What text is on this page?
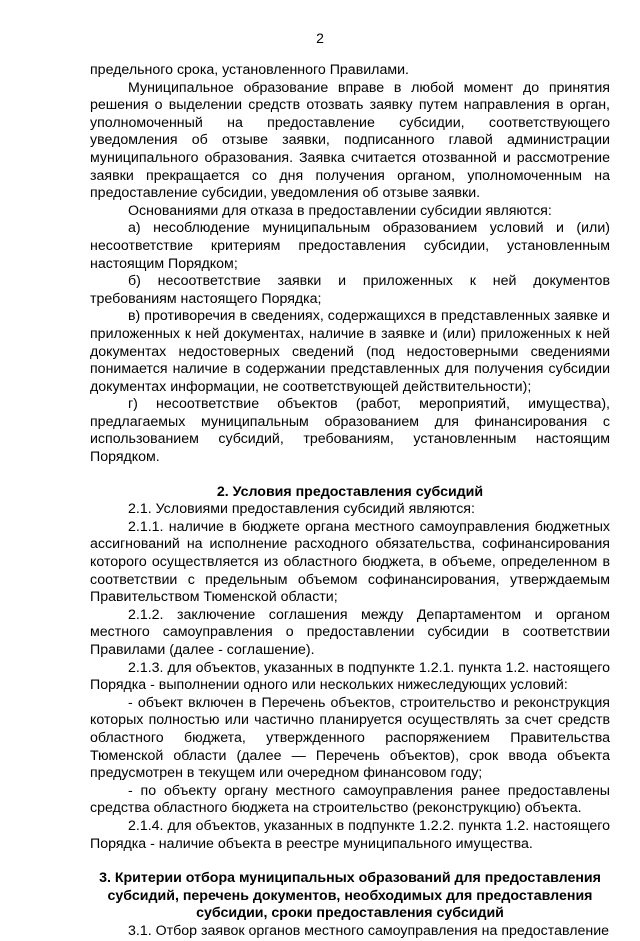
2

предельного срока, установленного Правилами.

Муниципальное образование вправе в любой момент до принятия решения о выделении средств отозвать заявку путем направления в орган, уполномоченный на предоставление субсидии, соответствующего уведомления об отзыве заявки, подписанного главой администрации муниципального образования. Заявка считается отозванной и рассмотрение заявки прекращается со дня получения органом, уполномоченным на предоставление субсидии, уведомления об отзыве заявки.

Основаниями для отказа в предоставлении субсидии являются:

а) несоблюдение муниципальным образованием условий и (или) несоответствие критериям предоставления субсидии, установленным настоящим Порядком;

б) несоответствие заявки и приложенных к ней документов требованиям настоящего Порядка;

в) противоречия в сведениях, содержащихся в представленных заявке и приложенных к ней документах, наличие в заявке и (или) приложенных к ней документах недостоверных сведений (под недостоверными сведениями понимается наличие в содержании представленных для получения субсидии документах информации, не соответствующей действительности);

г) несоответствие объектов (работ, мероприятий, имущества), предлагаемых муниципальным образованием для финансирования с использованием субсидий, требованиям, установленным настоящим Порядком.

2. Условия предоставления субсидий

2.1. Условиями предоставления субсидий являются:

2.1.1. наличие в бюджете органа местного самоуправления бюджетных ассигнований на исполнение расходного обязательства, софинансирования которого осуществляется из областного бюджета, в объеме, определенном в соответствии с предельным объемом софинансирования, утверждаемым Правительством Тюменской области;

2.1.2. заключение соглашения между Департаментом и органом местного самоуправления о предоставлении субсидии в соответствии Правилами (далее - соглашение).

2.1.3. для объектов, указанных в подпункте 1.2.1. пункта 1.2. настоящего Порядка - выполнении одного или нескольких нижеследующих условий:

- объект включен в Перечень объектов, строительство и реконструкция которых полностью или частично планируется осуществлять за счет средств областного бюджета, утвержденного распоряжением Правительства Тюменской области (далее — Перечень объектов), срок ввода объекта предусмотрен в текущем или очередном финансовом году;

- по объекту органу местного самоуправления ранее предоставлены средства областного бюджета на строительство (реконструкцию) объекта.

2.1.4. для объектов, указанных в подпункте 1.2.2. пункта 1.2. настоящего Порядка - наличие объекта в реестре муниципального имущества.

3. Критерии отбора муниципальных образований для предоставления субсидий, перечень документов, необходимых для предоставления субсидии, сроки предоставления субсидий

3.1. Отбор заявок органов местного самоуправления на предоставление
